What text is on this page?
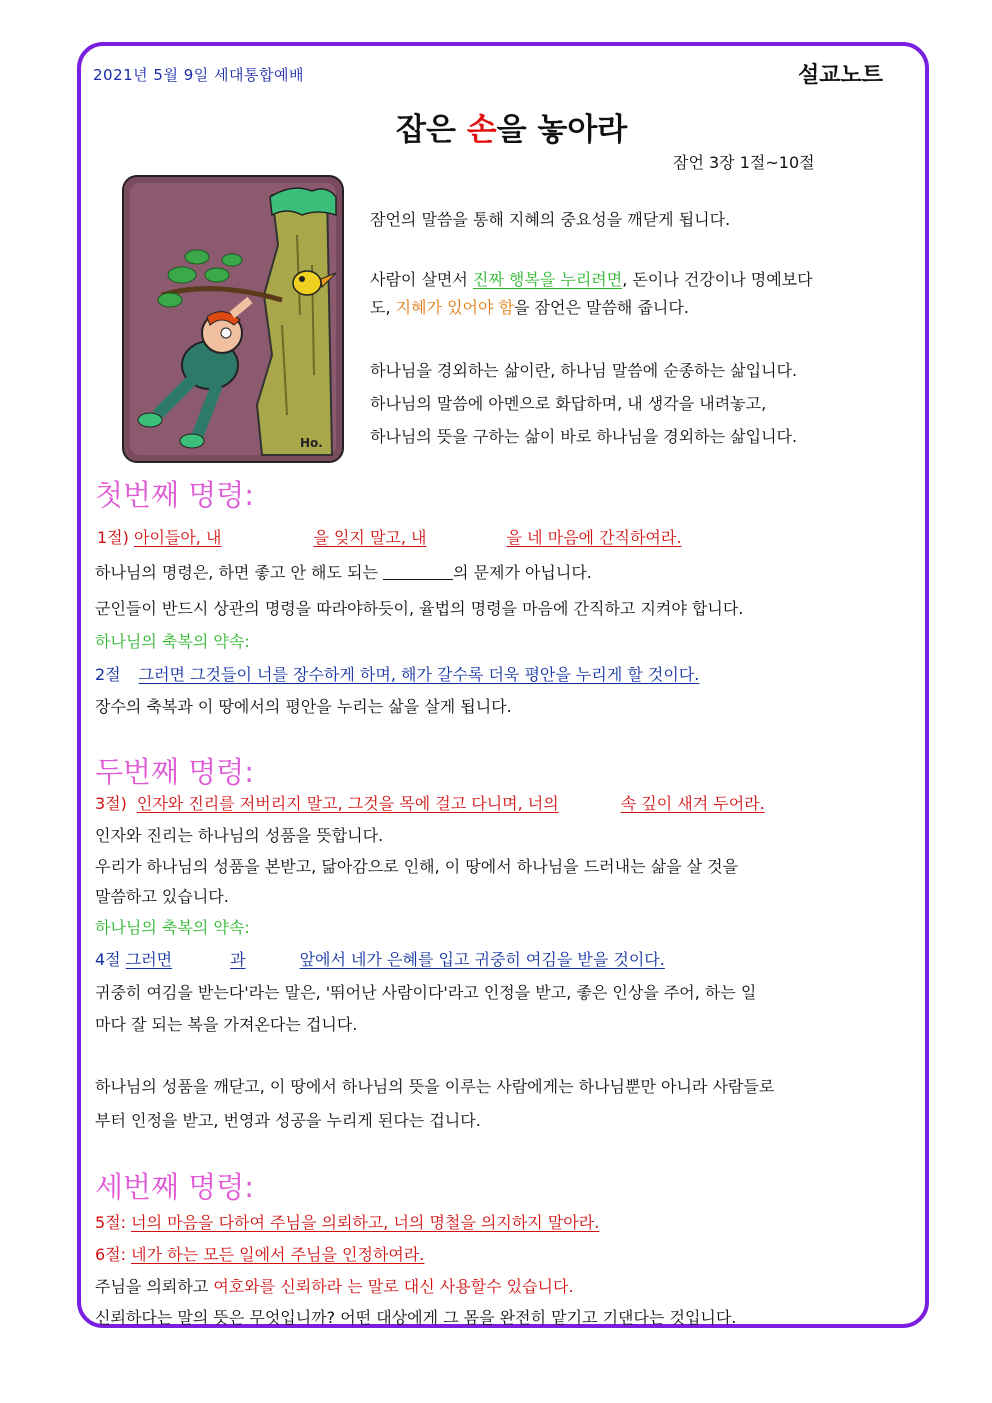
2021년 5월 9일 세대통합예배	설교노트
잡은 손을 놓아라
잠언 3장 1절~10절
Ho.
잠언의 말씀을 통해 지혜의 중요성을 깨닫게 됩니다.
사람이 살면서 진짜 행복을 누리려면, 돈이나 건강이나 명예보다
도, 지혜가 있어야 함을 잠언은 말씀해 줍니다.
하나님을 경외하는 삶이란, 하나님 말씀에 순종하는 삶입니다.
하나님의 말씀에 아멘으로 화답하며, 내 생각을 내려놓고,
하나님의 뜻을 구하는 삶이 바로 하나님을 경외하는 삶입니다.
첫번째 명령:
1절) 아이들아, 내	을 잊지 말고, 내	을 네 마음에 간직하여라.
하나님의 명령은, 하면 좋고 안 해도 되는	의 문제가 아닙니다.
군인들이 반드시 상관의 명령을 따라야하듯이, 율법의 명령을 마음에 간직하고 지켜야 합니다.
하나님의 축복의 약속:
2절 그러면 그것들이 너를 장수하게 하며, 해가 갈수록 더욱 평안을 누리게 할 것이다.
장수의 축복과 이 땅에서의 평안을 누리는 삶을 살게 됩니다.
두번째 명령:
3절) 인자와 진리를 저버리지 말고, 그것을 목에 걸고 다니며, 너의	속 깊이 새겨 두어라.
인자와 진리는 하나님의 성품을 뜻합니다.
우리가 하나님의 성품을 본받고, 닮아감으로 인해, 이 땅에서 하나님을 드러내는 삶을 살 것을
말씀하고 있습니다.
하나님의 축복의 약속:
4절 그러면	과	앞에서 네가 은혜를 입고 귀중히 여김을 받을 것이다.
귀중히 여김을 받는다'라는 말은, '뛰어난 사람이다'라고 인정을 받고, 좋은 인상을 주어, 하는 일
마다 잘 되는 복을 가져온다는 겁니다.
하나님의 성품을 깨닫고, 이 땅에서 하나님의 뜻을 이루는 사람에게는 하나님뿐만 아니라 사람들로
부터 인정을 받고, 번영과 성공을 누리게 된다는 겁니다.
세번째 명령:
5절: 너의 마음을 다하여 주님을 의뢰하고, 너의 명철을 의지하지 말아라.
6절: 네가 하는 모든 일에서 주님을 인정하여라.
주님을 의뢰하고 여호와를 신뢰하라 는 말로 대신 사용할수 있습니다.
신뢰하다는 말의 뜻은 무엇입니까? 어떤 대상에게 그 몸을 완전히 맡기고 기댄다는 것입니다.
